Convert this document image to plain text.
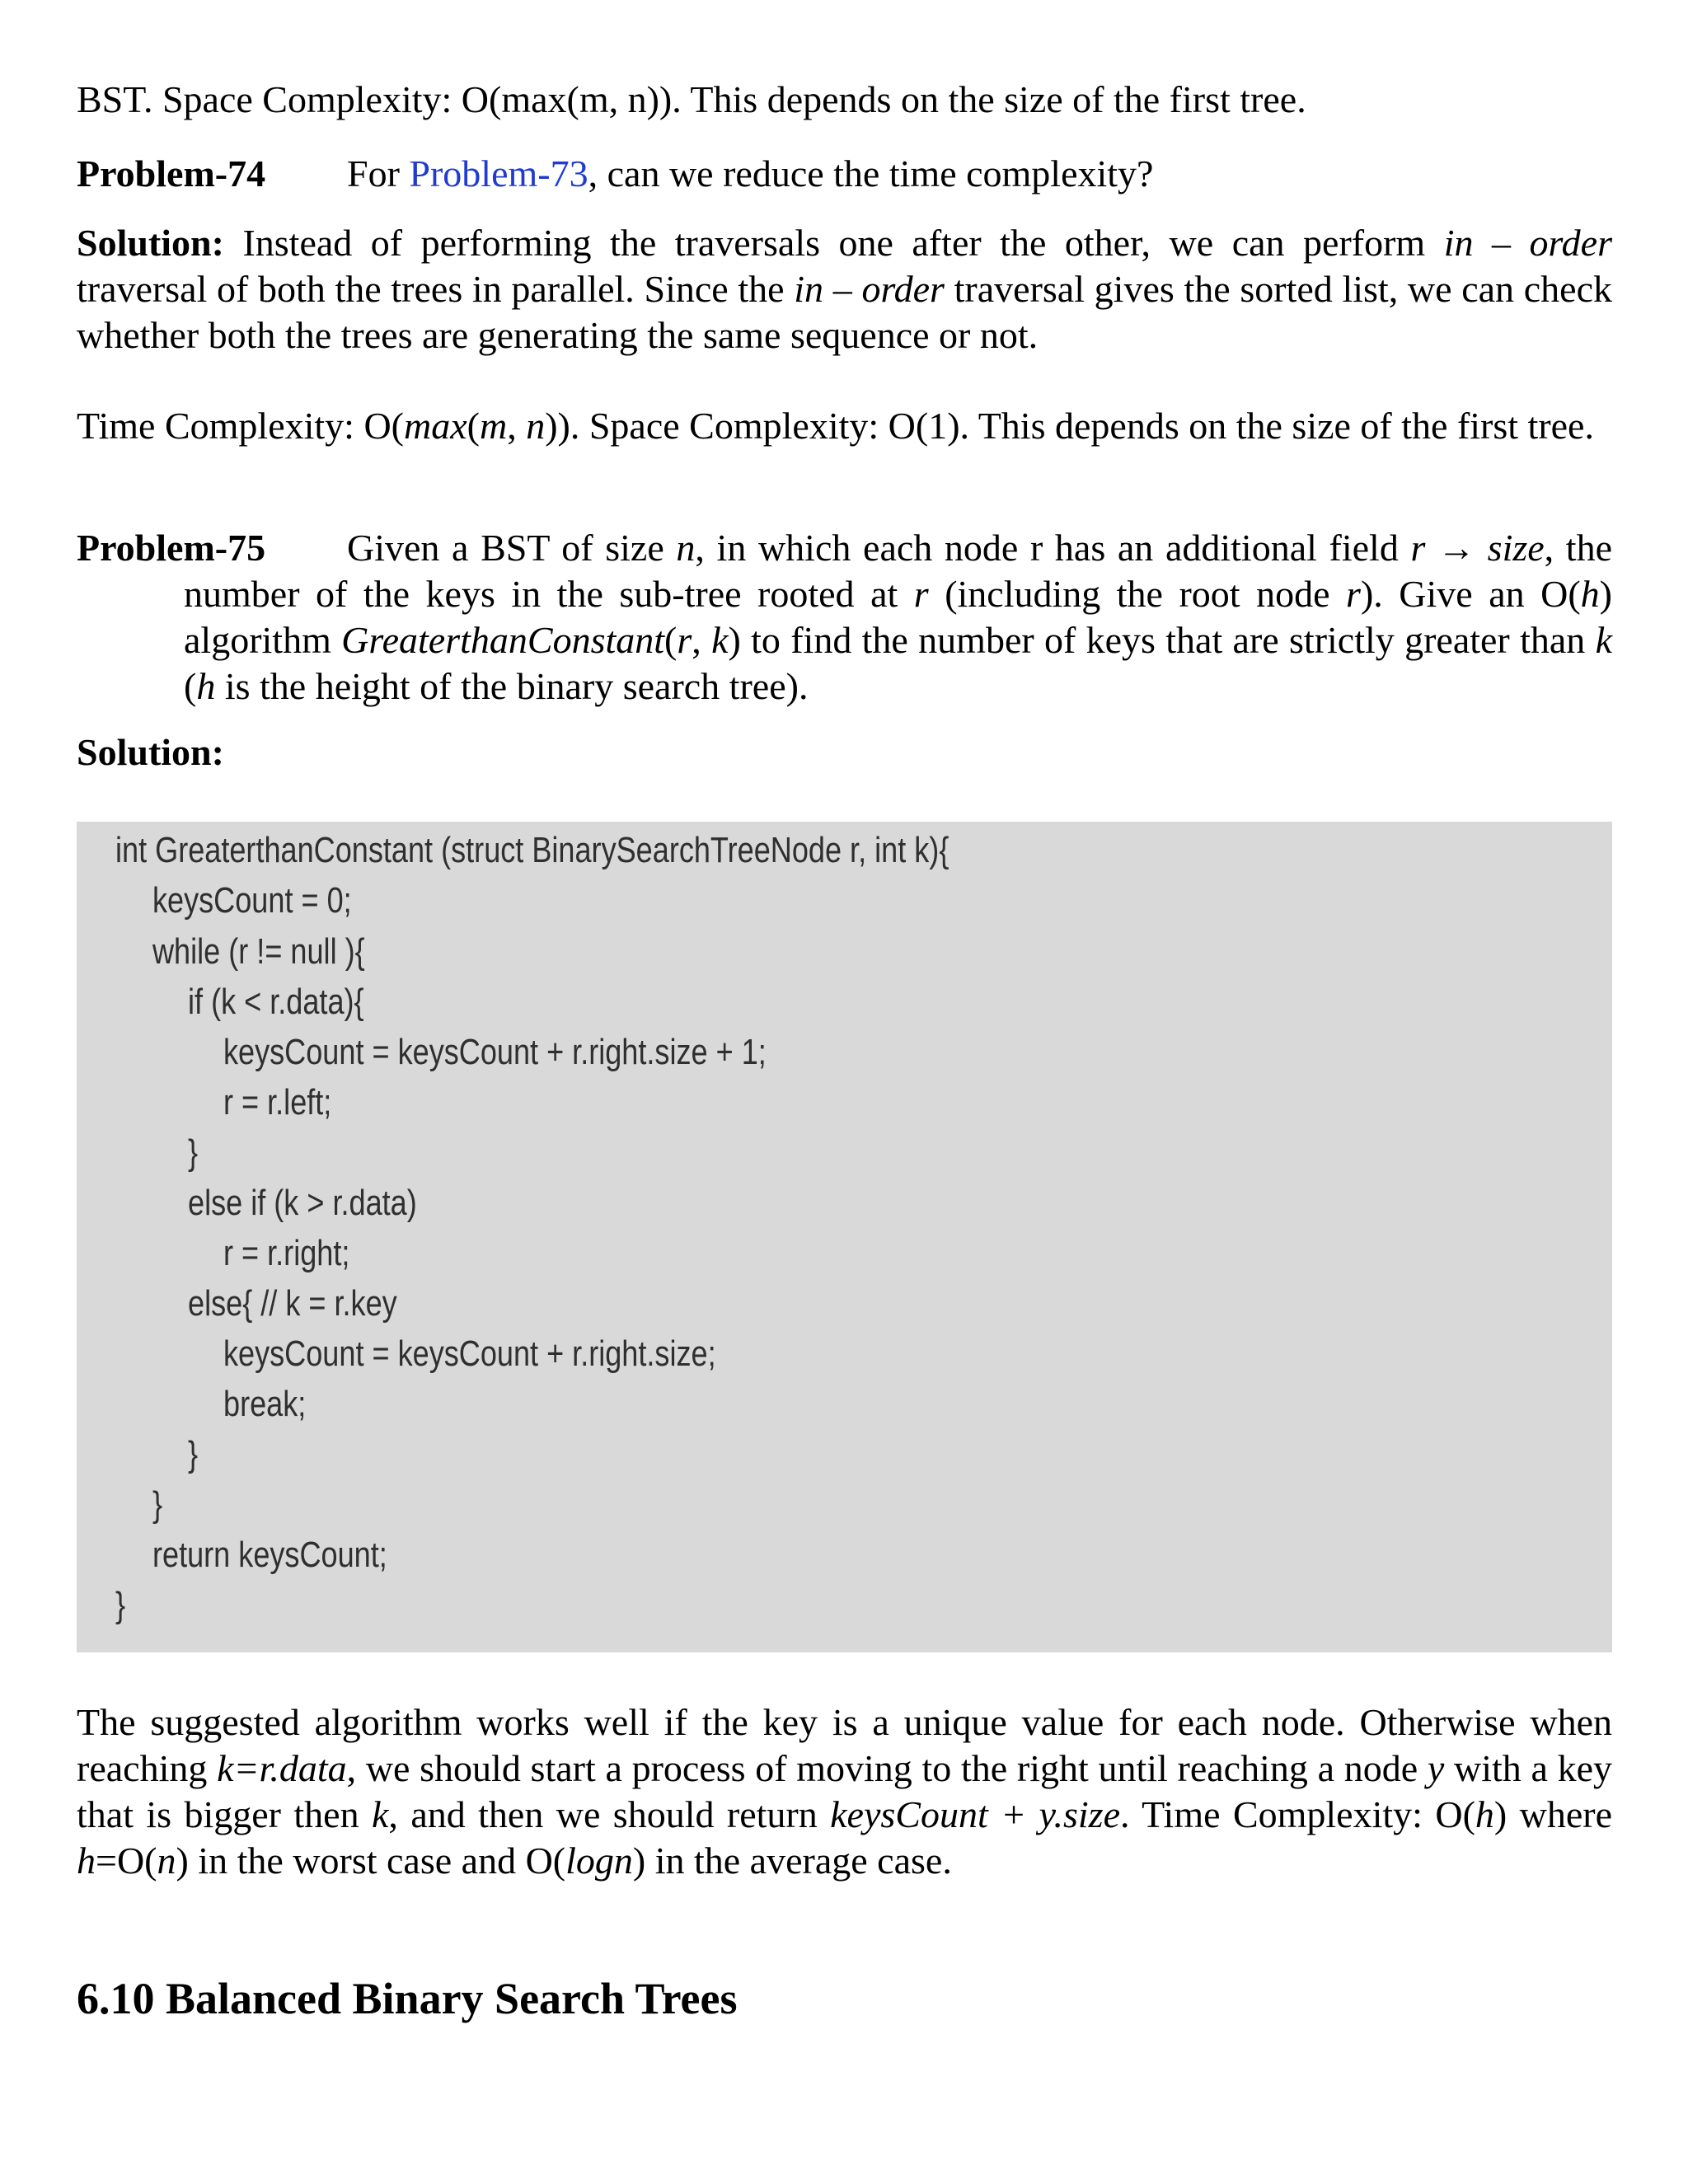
BST. Space Complexity: O(max(m, n)). This depends on the size of the first tree.

Problem-74 For Problem-73, can we reduce the time complexity?

Solution: Instead of performing the traversals one after the other, we can perform in – order traversal of both the trees in parallel. Since the in – order traversal gives the sorted list, we can check whether both the trees are generating the same sequence or not.

Time Complexity: O(max(m, n)). Space Complexity: O(1). This depends on the size of the first tree.

Problem-75 Given a BST of size n, in which each node r has an additional field r → size, the number of the keys in the sub-tree rooted at r (including the root node r). Give an O(h) algorithm GreaterthanConstant(r, k) to find the number of keys that are strictly greater than k (h is the height of the binary search tree).

Solution:

int GreaterthanConstant (struct BinarySearchTreeNode r, int k){
keysCount = 0;
while (r != null ){
if (k < r.data){
keysCount = keysCount + r.right.size + 1;
r = r.left;
}
else if (k > r.data)
r = r.right;
else{ // k = r.key
keysCount = keysCount + r.right.size;
break;
}
}
return keysCount;
}

The suggested algorithm works well if the key is a unique value for each node. Otherwise when reaching k=r.data, we should start a process of moving to the right until reaching a node y with a key that is bigger then k, and then we should return keysCount + y.size. Time Complexity: O(h) where h=O(n) in the worst case and O(logn) in the average case.

6.10 Balanced Binary Search Trees
